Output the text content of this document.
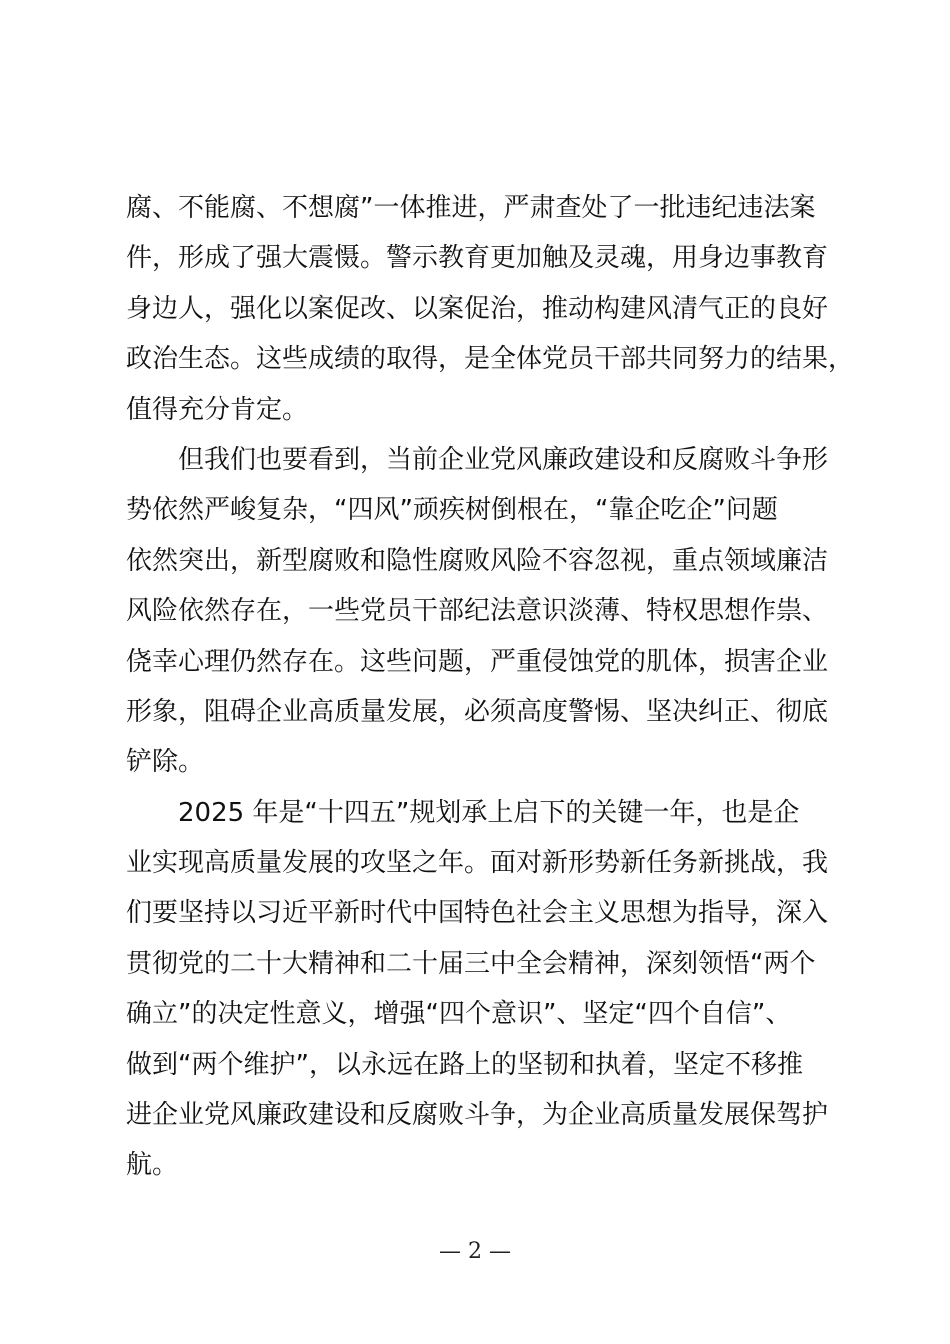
腐、不能腐、不想腐”一体推进，严肃查处了一批违纪违法案
件，形成了强大震慑。警示教育更加触及灵魂，用身边事教育
身边人，强化以案促改、以案促治，推动构建风清气正的良好
政治生态。这些成绩的取得，是全体党员干部共同努力的结果，
值得充分肯定。
但我们也要看到，当前企业党风廉政建设和反腐败斗争形
势依然严峻复杂，“四风”顽疾树倒根在，“靠企吃企”问题
依然突出，新型腐败和隐性腐败风险不容忽视，重点领域廉洁
风险依然存在，一些党员干部纪法意识淡薄、特权思想作祟、
侥幸心理仍然存在。这些问题，严重侵蚀党的肌体，损害企业
形象，阻碍企业高质量发展，必须高度警惕、坚决纠正、彻底
铲除。
2025 年是“十四五”规划承上启下的关键一年，也是企
业实现高质量发展的攻坚之年。面对新形势新任务新挑战，我
们要坚持以习近平新时代中国特色社会主义思想为指导，深入
贯彻党的二十大精神和二十届三中全会精神，深刻领悟“两个
确立”的决定性意义，增强“四个意识”、坚定“四个自信”、
做到“两个维护”，以永远在路上的坚韧和执着，坚定不移推
进企业党风廉政建设和反腐败斗争，为企业高质量发展保驾护
航。
— 2 —
